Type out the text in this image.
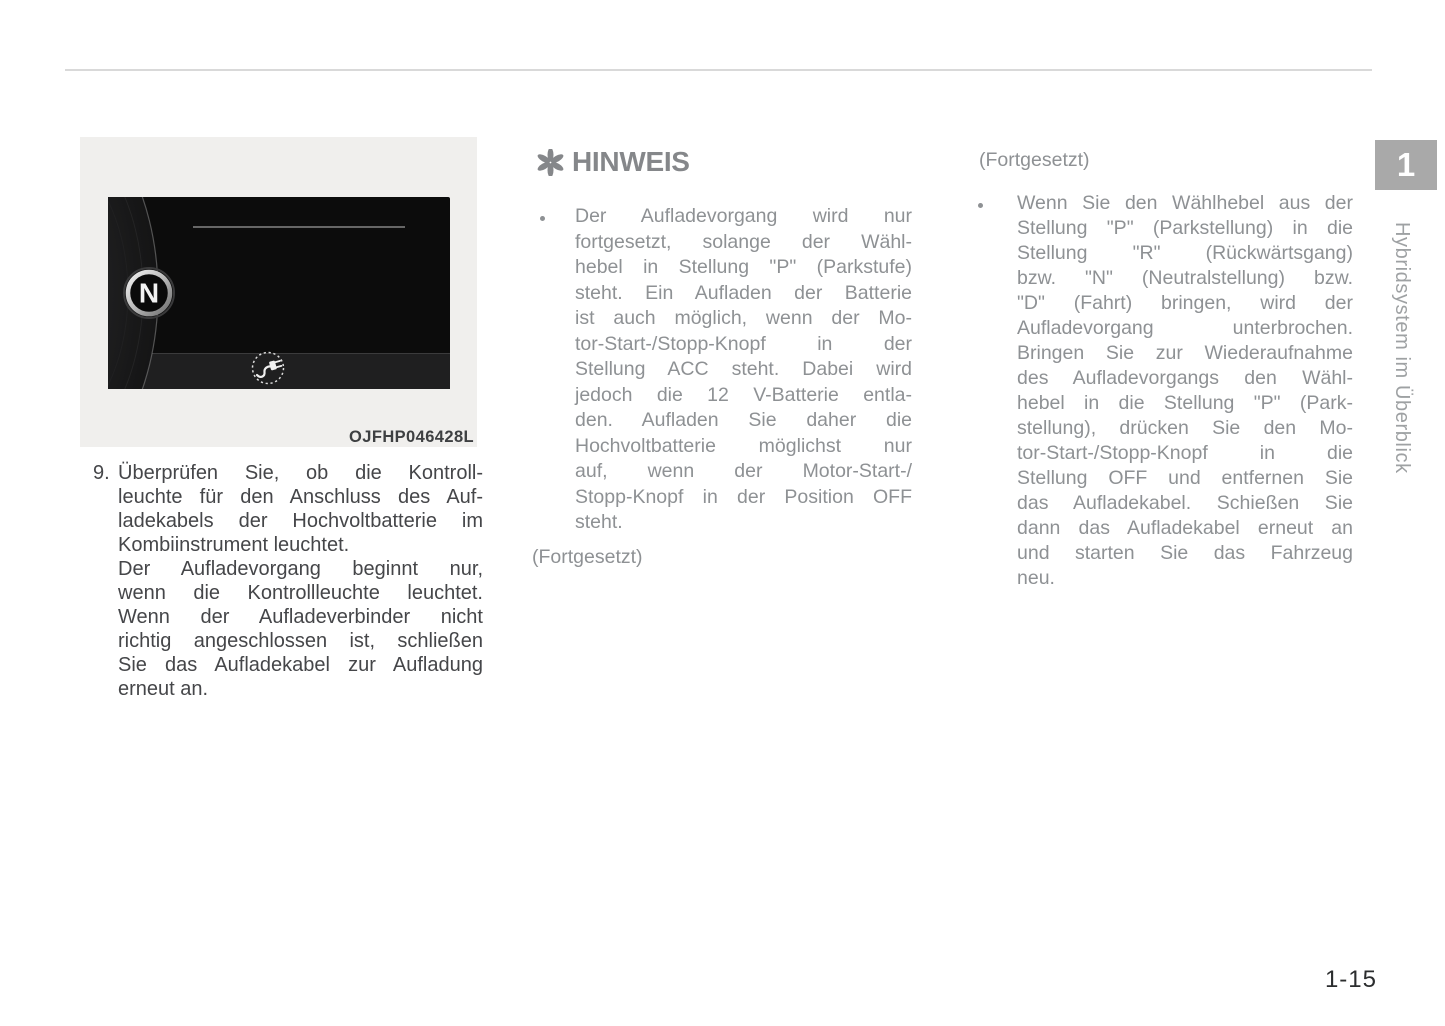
N
OJFHP046428L
9. Überprüfen Sie, ob die Kontroll-
leuchte für den Anschluss des Auf-
ladekabels der Hochvoltbatterie im
Kombiinstrument leuchtet.
Der Aufladevorgang beginnt nur,
wenn die Kontrollleuchte leuchtet.
Wenn der Aufladeverbinder nicht
richtig angeschlossen ist, schließen
Sie das Aufladekabel zur Aufladung
erneut an.
HINWEIS
Der Aufladevorgang wird nur
fortgesetzt, solange der Wähl-
hebel in Stellung "P" (Parkstufe)
steht. Ein Aufladen der Batterie
ist auch möglich, wenn der Mo-
tor-Start-/Stopp-Knopf in der
Stellung ACC steht. Dabei wird
jedoch die 12 V-Batterie entla-
den. Aufladen Sie daher die
Hochvoltbatterie möglichst nur
auf, wenn der Motor-Start-/
Stopp-Knopf in der Position OFF
steht.
(Fortgesetzt)
(Fortgesetzt)
Wenn Sie den Wählhebel aus der
Stellung "P" (Parkstellung) in die
Stellung "R" (Rückwärtsgang)
bzw. "N" (Neutralstellung) bzw.
"D" (Fahrt) bringen, wird der
Aufladevorgang unterbrochen.
Bringen Sie zur Wiederaufnahme
des Aufladevorgangs den Wähl-
hebel in die Stellung "P" (Park-
stellung), drücken Sie den Mo-
tor-Start-/Stopp-Knopf in die
Stellung OFF und entfernen Sie
das Aufladekabel. Schießen Sie
dann das Aufladekabel erneut an
und starten Sie das Fahrzeug
neu.
1
Hybridsystem im Überblick
1-15
